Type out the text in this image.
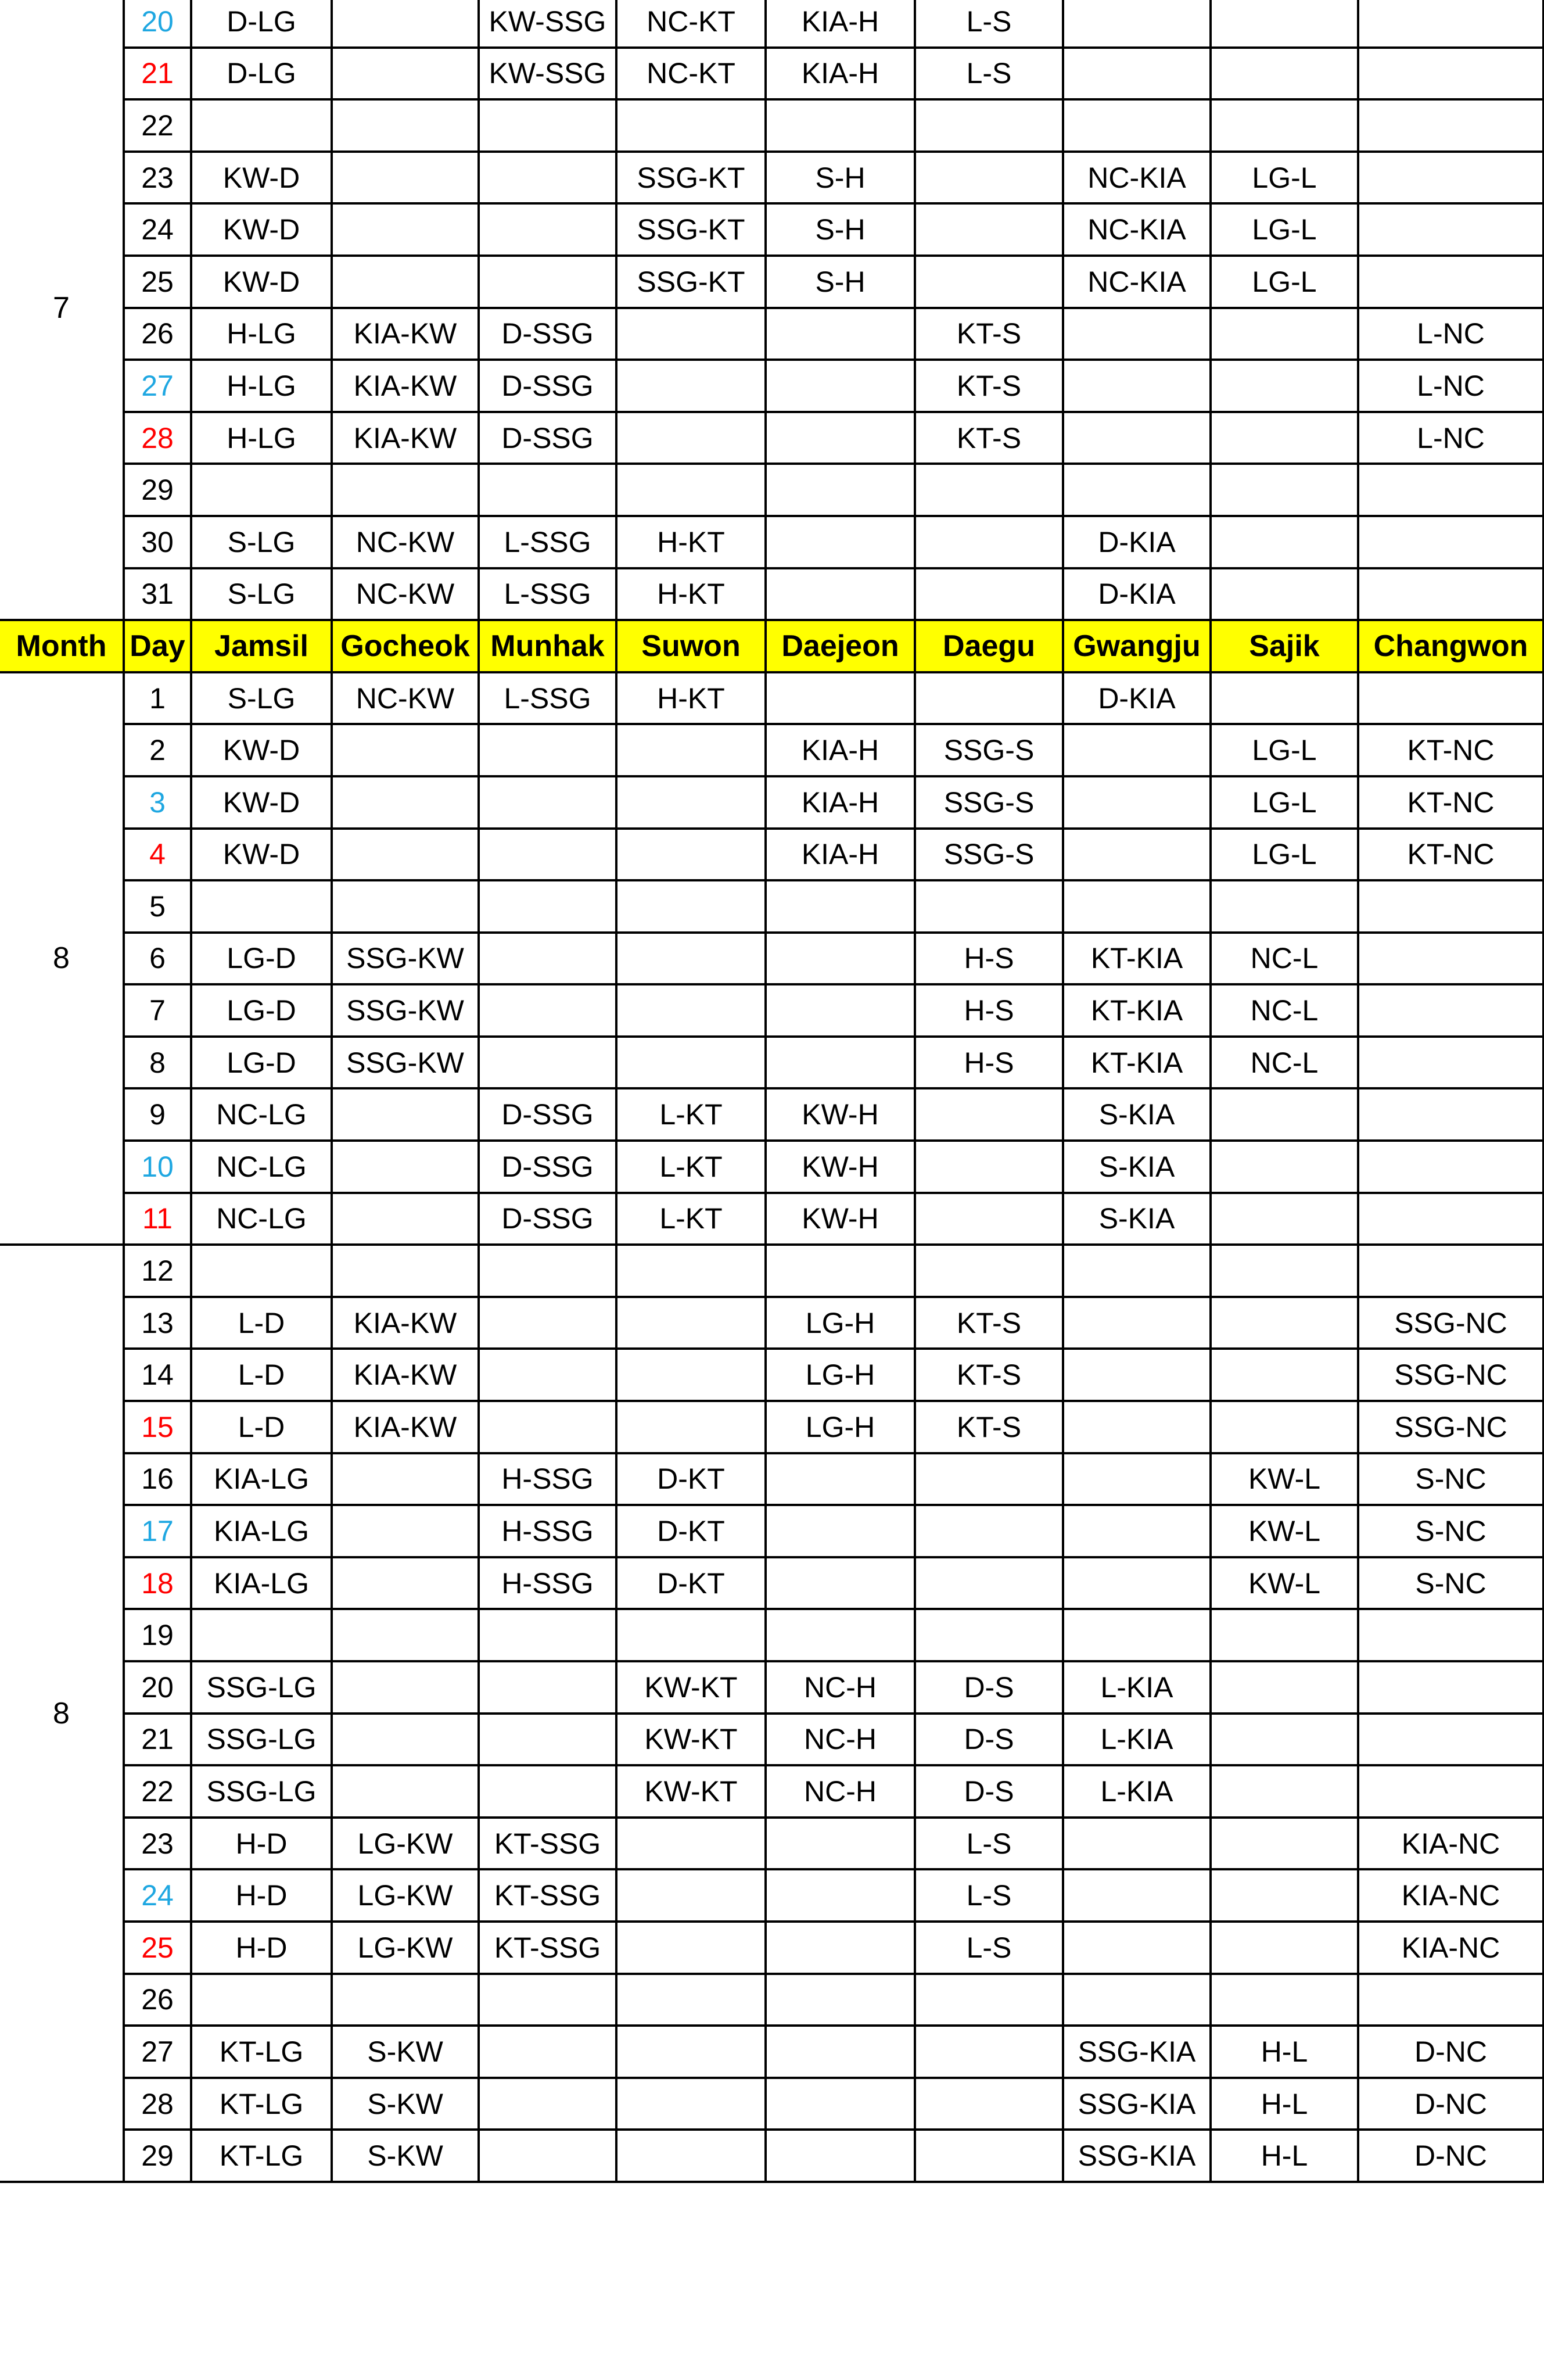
7	20	D-LG		KW-SSG	NC-KT	KIA-H	L-S			
	21	D-LG		KW-SSG	NC-KT	KIA-H	L-S			
	22									
	23	KW-D			SSG-KT	S-H		NC-KIA	LG-L	
	24	KW-D			SSG-KT	S-H		NC-KIA	LG-L	
	25	KW-D			SSG-KT	S-H		NC-KIA	LG-L	
	26	H-LG	KIA-KW	D-SSG			KT-S			L-NC
	27	H-LG	KIA-KW	D-SSG			KT-S			L-NC
	28	H-LG	KIA-KW	D-SSG			KT-S			L-NC
	29									
	30	S-LG	NC-KW	L-SSG	H-KT			D-KIA		
	31	S-LG	NC-KW	L-SSG	H-KT			D-KIA		
Month	Day	Jamsil	Gocheok	Munhak	Suwon	Daejeon	Daegu	Gwangju	Sajik	Changwon
8	1	S-LG	NC-KW	L-SSG	H-KT			D-KIA		
	2	KW-D				KIA-H	SSG-S		LG-L	KT-NC
	3	KW-D				KIA-H	SSG-S		LG-L	KT-NC
	4	KW-D				KIA-H	SSG-S		LG-L	KT-NC
	5									
	6	LG-D	SSG-KW				H-S	KT-KIA	NC-L	
	7	LG-D	SSG-KW				H-S	KT-KIA	NC-L	
	8	LG-D	SSG-KW				H-S	KT-KIA	NC-L	
	9	NC-LG		D-SSG	L-KT	KW-H		S-KIA		
	10	NC-LG		D-SSG	L-KT	KW-H		S-KIA		
	11	NC-LG		D-SSG	L-KT	KW-H		S-KIA		
8	12									
	13	L-D	KIA-KW			LG-H	KT-S			SSG-NC
	14	L-D	KIA-KW			LG-H	KT-S			SSG-NC
	15	L-D	KIA-KW			LG-H	KT-S			SSG-NC
	16	KIA-LG		H-SSG	D-KT				KW-L	S-NC
	17	KIA-LG		H-SSG	D-KT				KW-L	S-NC
	18	KIA-LG		H-SSG	D-KT				KW-L	S-NC
	19									
	20	SSG-LG			KW-KT	NC-H	D-S	L-KIA		
	21	SSG-LG			KW-KT	NC-H	D-S	L-KIA		
	22	SSG-LG			KW-KT	NC-H	D-S	L-KIA		
	23	H-D	LG-KW	KT-SSG			L-S			KIA-NC
	24	H-D	LG-KW	KT-SSG			L-S			KIA-NC
	25	H-D	LG-KW	KT-SSG			L-S			KIA-NC
	26									
	27	KT-LG	S-KW					SSG-KIA	H-L	D-NC
	28	KT-LG	S-KW					SSG-KIA	H-L	D-NC
	29	KT-LG	S-KW					SSG-KIA	H-L	D-NC
